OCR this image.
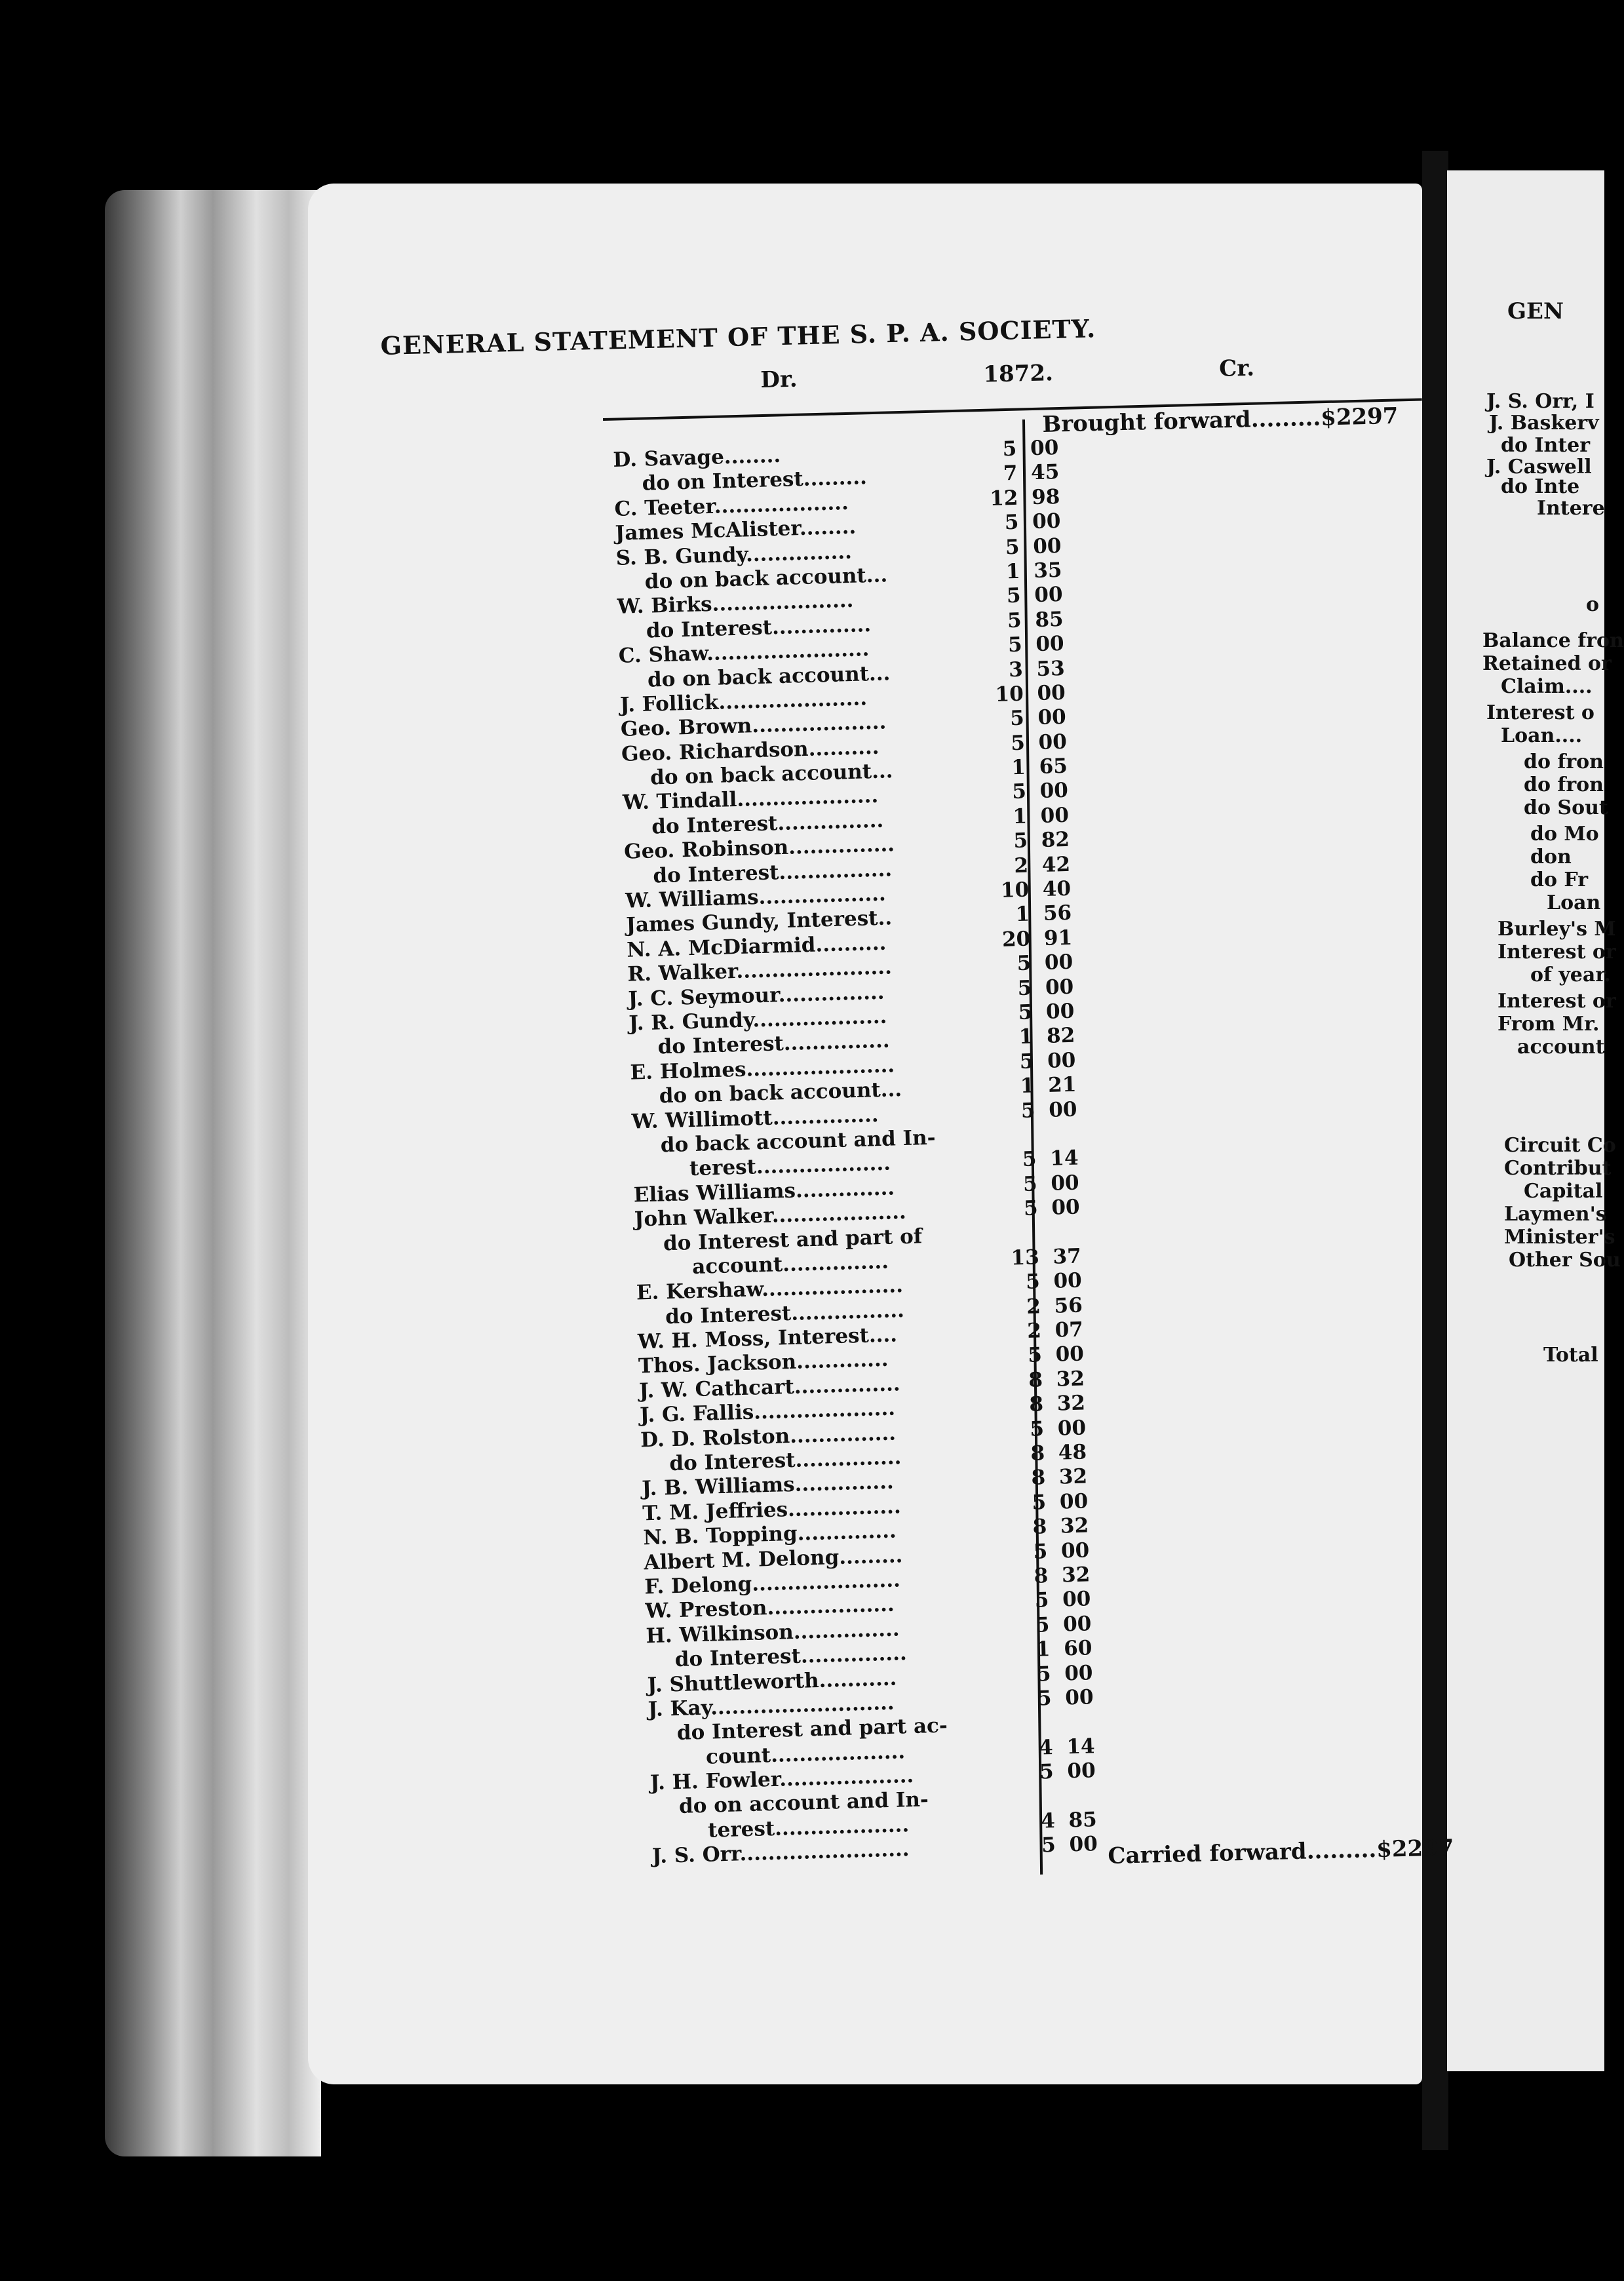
GENERAL STATEMENT OF THE S. P. A. SOCIETY.
Dr.	1872.	Cr.
Brought forward.........$2297
D. Savage........	5 00
do on Interest.........	7 45
C. Teeter...................	12 98
James McAlister........	5 00
S. B. Gundy...............	5 00
do on back account...	1 35
W. Birks....................	5 00
do Interest..............	5 85
C. Shaw.......................	5 00
do on back account...	3 53
J. Follick.....................	10 00
Geo. Brown...................	5 00
Geo. Richardson..........	5 00
do on back account...	1 65
W. Tindall....................	5 00
do Interest...............	1 00
Geo. Robinson...............	5 82
do Interest................	2 42
W. Williams..................	10 40
James Gundy, Interest..	1 56
N. A. McDiarmid..........	20 91
R. Walker......................	5 00
J. C. Seymour...............	5 00
J. R. Gundy...................	5 00
do Interest...............	1 82
E. Holmes.....................	5 00
do on back account...	1 21
W. Willimott...............	5 00
do back account and In-
terest...................	5 14
Elias Williams..............	5 00
John Walker...................	5 00
do Interest and part of
account...............	13 37
E. Kershaw....................	5 00
do Interest................	2 56
W. H. Moss, Interest....	2 07
Thos. Jackson.............	5 00
J. W. Cathcart...............	8 32
J. G. Fallis....................	8 32
D. D. Rolston...............	5 00
do Interest...............	8 48
J. B. Williams..............	8 32
T. M. Jeffries................	5 00
N. B. Topping..............	8 32
Albert M. Delong.........	5 00
F. Delong.....................	8 32
W. Preston..................	5 00
H. Wilkinson...............	5 00
do Interest...............	1 60
J. Shuttleworth...........	5 00
J. Kay..........................	5 00
do Interest and part ac-
count...................	4 14
J. H. Fowler...................	5 00
do on account and In-
terest...................	4 85
J. S. Orr........................	5 00 Carried forward.........$2297
GEN
J. S. Orr, I
J. Baskerv
do Inter
J. Caswell
do Inte
Intere
o
Balance fron
Retained or
Claim....
Interest o
Loan....
do fron
do fron
do Sout
do Mo
don
do Fr
Loan
Burley's M
Interest or
of year.
Interest or
From Mr.
account
Circuit Co
Contribut
Capital
Laymen's
Minister's
Other Sou
Total
